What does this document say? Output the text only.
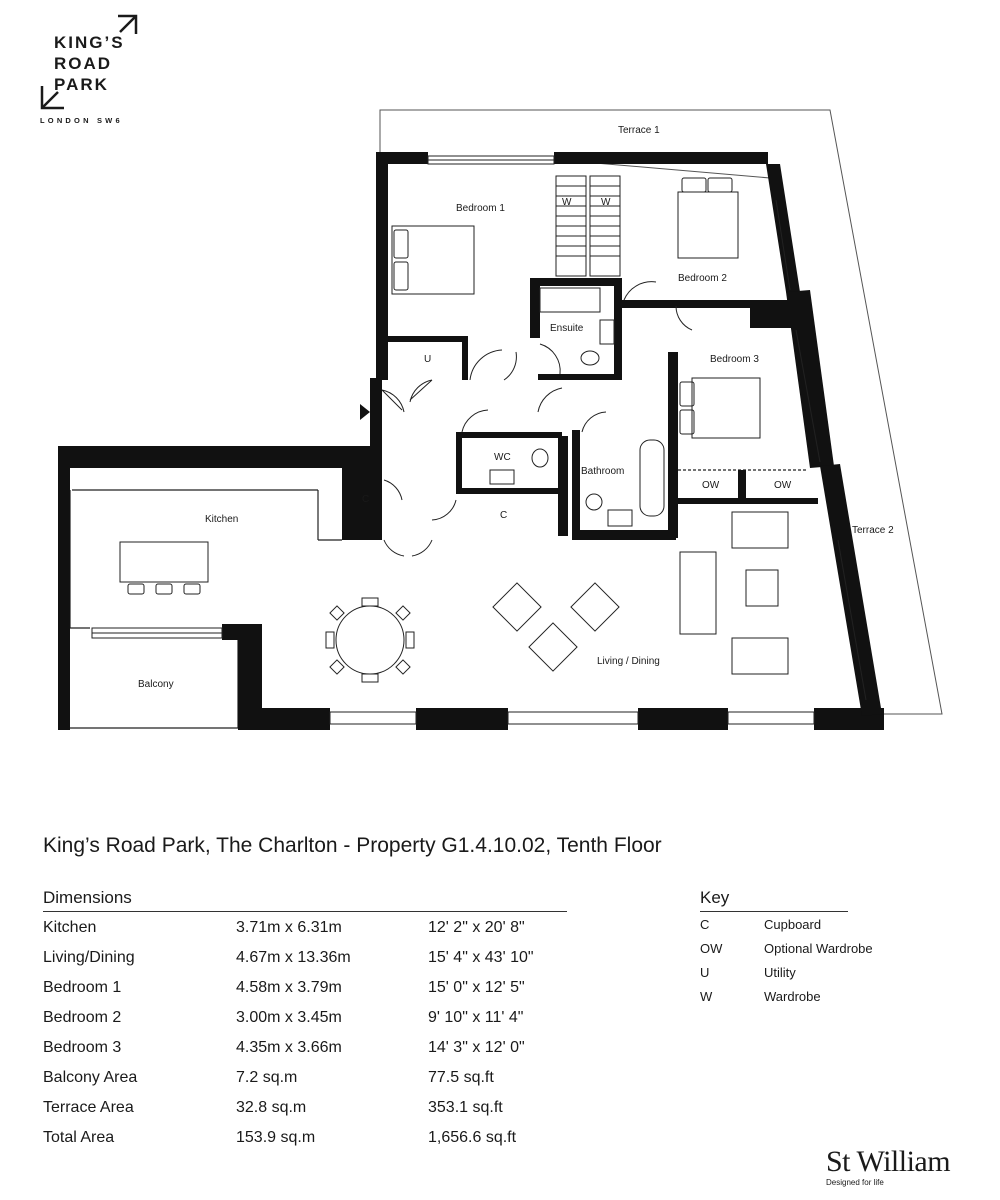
KING’S
ROAD
PARK
LONDON SW6
Terrace 1
Bedroom 1
Bedroom 2
Bedroom 3
Ensuite
U
WC
Bathroom
C
C
W	W
OW	OW
Kitchen
Terrace 2
Living / Dining
Balcony
King’s Road Park, The Charlton - Property G1.4.10.02, Tenth Floor
Dimensions
Kitchen	3.71m x 6.31m	12' 2" x 20' 8"
Living/Dining	4.67m x 13.36m	15' 4" x 43' 10"
Bedroom 1	4.58m x 3.79m	15' 0" x 12' 5"
Bedroom 2	3.00m x 3.45m	9' 10" x 11' 4"
Bedroom 3	4.35m x 3.66m	14' 3" x 12' 0"
Balcony Area	7.2 sq.m	77.5 sq.ft
Terrace Area	32.8 sq.m	353.1 sq.ft
Total Area	153.9 sq.m	1,656.6 sq.ft
Key
C	Cupboard
OW	Optional Wardrobe
U	Utility
W	Wardrobe
St William
Designed for life
